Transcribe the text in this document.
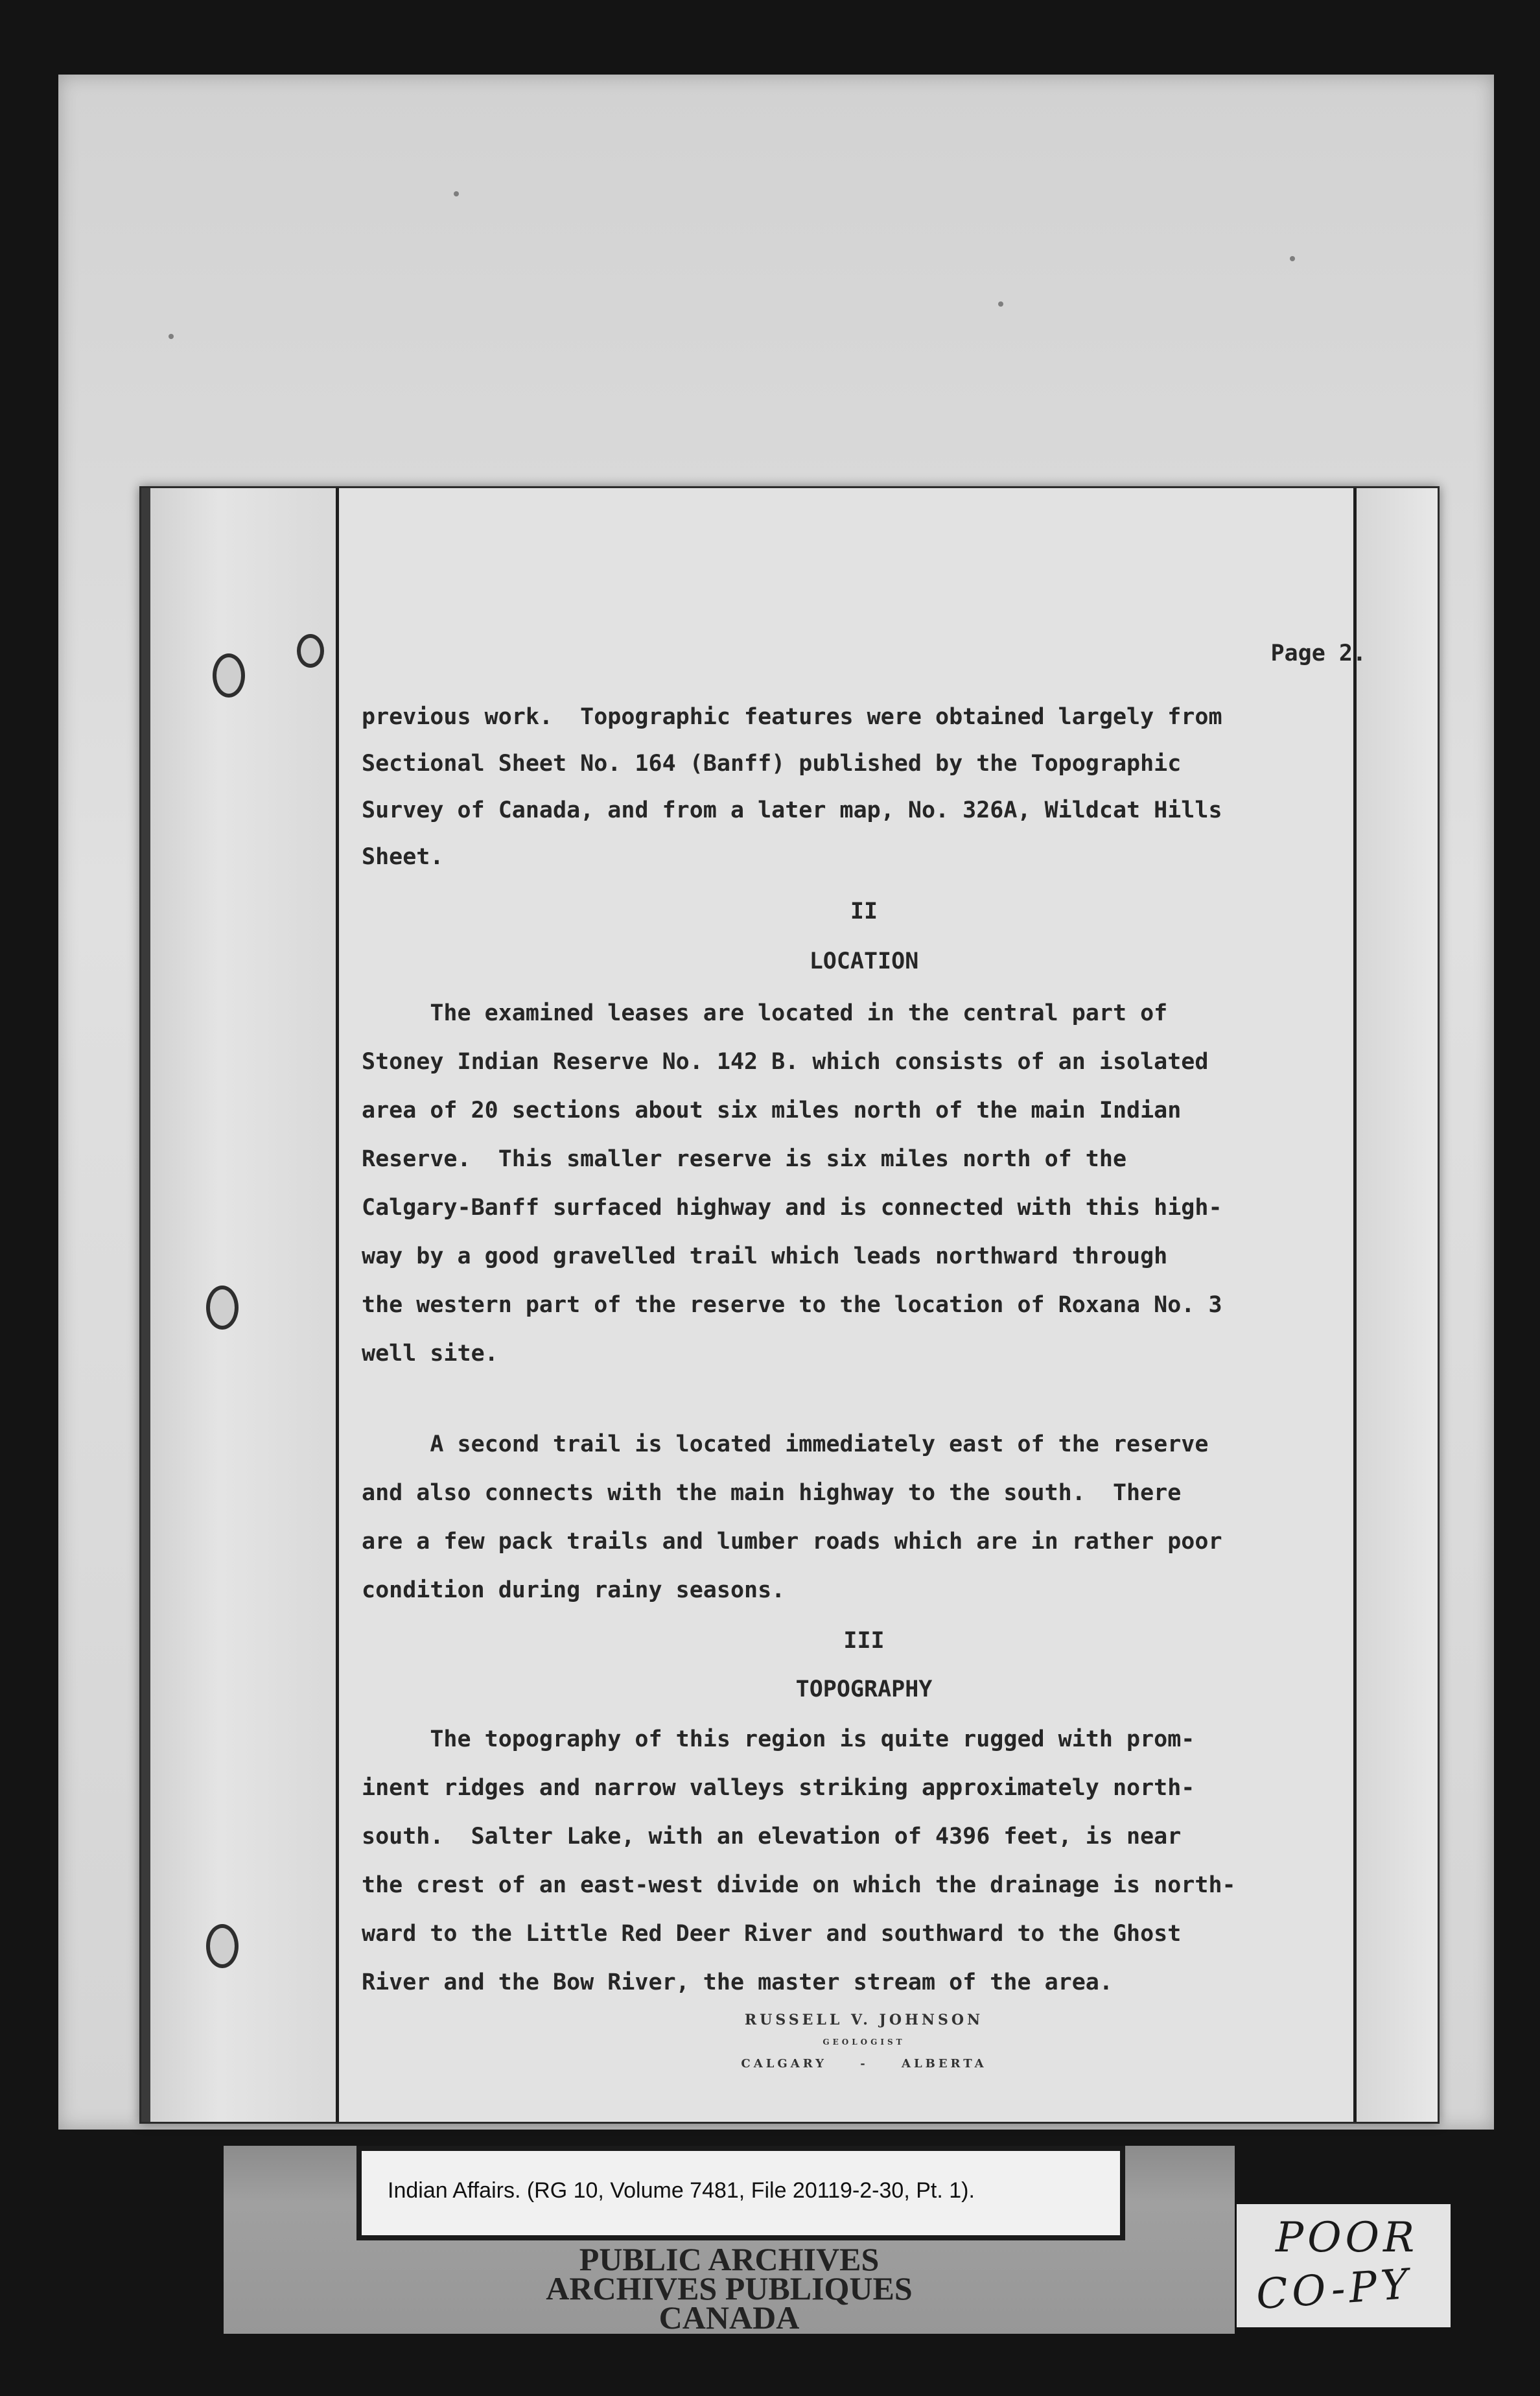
Page 2.
previous work.  Topographic features were obtained largely from
Sectional Sheet No. 164 (Banff) published by the Topographic
Survey of Canada, and from a later map, No. 326A, Wildcat Hills
Sheet.
II
LOCATION
The examined leases are located in the central part of
Stoney Indian Reserve No. 142 B. which consists of an isolated
area of 20 sections about six miles north of the main Indian
Reserve.  This smaller reserve is six miles north of the
Calgary-Banff surfaced highway and is connected with this high-
way by a good gravelled trail which leads northward through
the western part of the reserve to the location of Roxana No. 3
well site.
A second trail is located immediately east of the reserve
and also connects with the main highway to the south.  There
are a few pack trails and lumber roads which are in rather poor
condition during rainy seasons.
III
TOPOGRAPHY
The topography of this region is quite rugged with prom-
inent ridges and narrow valleys striking approximately north-
south.  Salter Lake, with an elevation of 4396 feet, is near
the crest of an east-west divide on which the drainage is north-
ward to the Little Red Deer River and southward to the Ghost
River and the Bow River, the master stream of the area.
RUSSELL V. JOHNSON
GEOLOGIST
CALGARY	-	ALBERTA
Indian Affairs. (RG 10, Volume 7481, File 20119-2-30, Pt. 1).
PUBLIC ARCHIVES
ARCHIVES PUBLIQUES
CANADA
POOR
CO-PY
